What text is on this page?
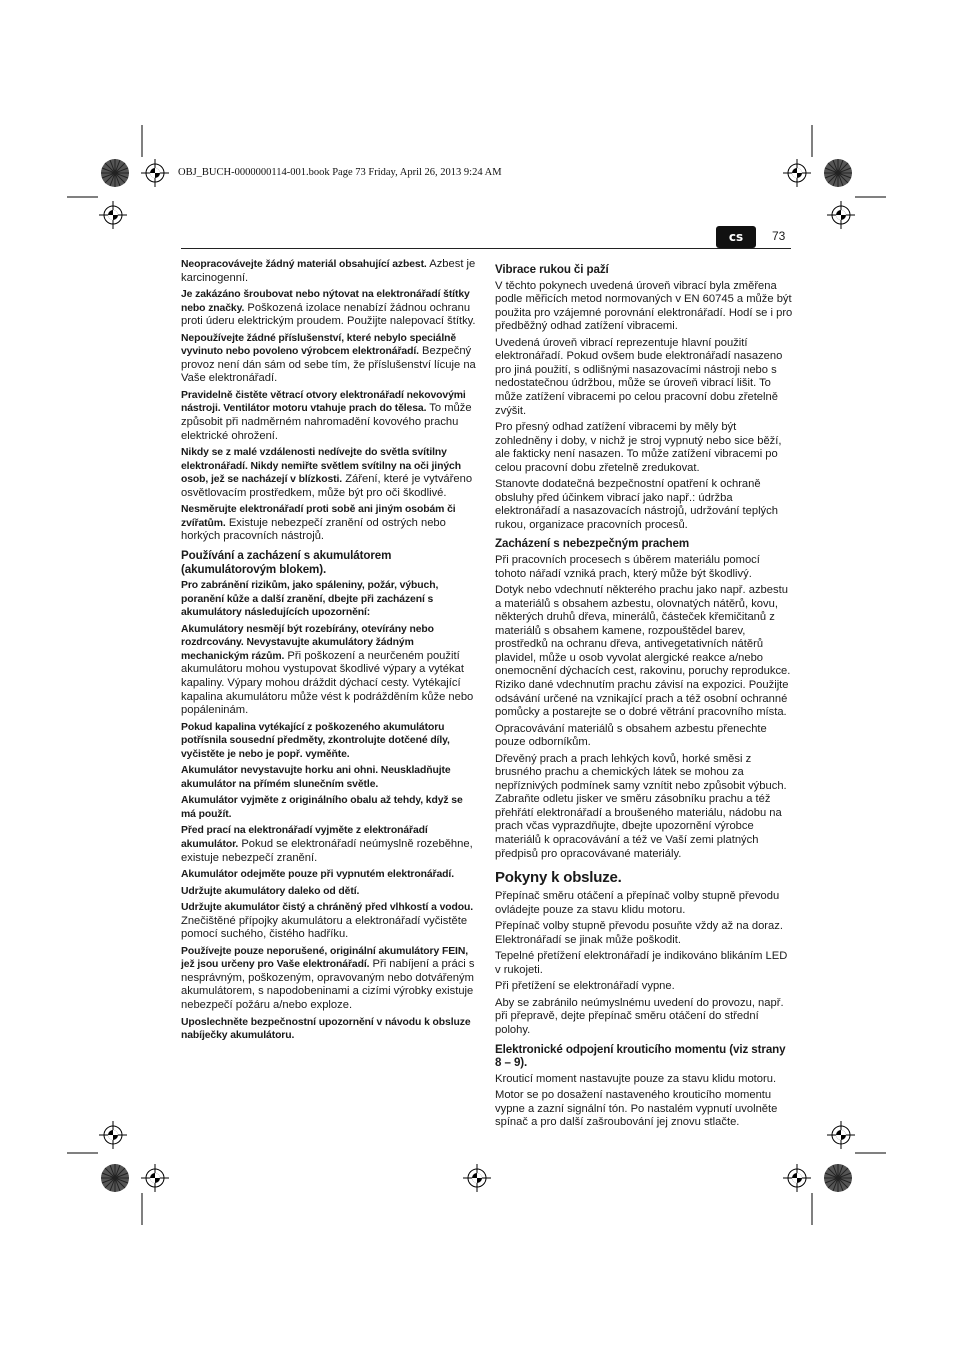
OBJ_BUCH-0000000114-001.book Page 73 Friday, April 26, 2013 9:24 AM
cs	73

Neopracovávejte žádný materiál obsahující azbest. Azbest je karcinogenní.

Je zakázáno šroubovat nebo nýtovat na elektronářadí štítky nebo značky. Poškozená izolace nenabízí žádnou ochranu proti úderu elektrickým proudem. Použijte nalepovací štítky.

Nepoužívejte žádné příslušenství, které nebylo speciálně vyvinuto nebo povoleno výrobcem elektronářadí. Bezpečný provoz není dán sám od sebe tím, že příslušenství lícuje na Vaše elektronářadí.

Pravidelně čistěte větrací otvory elektronářadí nekovovými nástroji. Ventilátor motoru vtahuje prach do tělesa. To může způsobit při nadměrném nahromadění kovového prachu elektrické ohrožení.

Nikdy se z malé vzdálenosti nedívejte do světla svítilny elektronářadí. Nikdy nemiřte světlem svítilny na oči jiných osob, jež se nacházejí v blízkosti. Záření, které je vytvářeno osvětlovacím prostředkem, může být pro oči škodlivé.

Nesměrujte elektronářadí proti sobě ani jiným osobám či zvířatům. Existuje nebezpečí zranění od ostrých nebo horkých pracovních nástrojů.

Používání a zacházení s akumulátorem (akumulátorovým blokem).

Pro zabránění rizikům, jako spáleniny, požár, výbuch, poranění kůže a další zranění, dbejte při zacházení s akumulátory následujících upozornění:

Akumulátory nesmějí být rozebírány, otevírány nebo rozdrcovány. Nevystavujte akumulátory žádným mechanickým rázům. Při poškození a neurčeném použití akumulátoru mohou vystupovat škodlivé výpary a vytékat kapaliny. Výpary mohou dráždit dýchací cesty. Vytékající kapalina akumulátoru může vést k podrážděním kůže nebo popáleninám.

Pokud kapalina vytékající z poškozeného akumulátoru potřísnila sousední předměty, zkontrolujte dotčené díly, vyčistěte je nebo je popř. vyměňte.

Akumulátor nevystavujte horku ani ohni. Neuskladňujte akumulátor na přímém slunečním světle.

Akumulátor vyjměte z originálního obalu až tehdy, když se má použít.

Před prací na elektronářadí vyjměte z elektronářadí akumulátor. Pokud se elektronářadí neúmyslně rozeběhne, existuje nebezpečí zranění.

Akumulátor odejměte pouze při vypnutém elektronářadí.

Udržujte akumulátory daleko od dětí.

Udržujte akumulátor čistý a chráněný před vlhkostí a vodou. Znečištěné přípojky akumulátoru a elektronářadí vyčistěte pomocí suchého, čistého hadříku.

Používejte pouze neporušené, originální akumulátory FEIN, jež jsou určeny pro Vaše elektronářadí. Při nabíjení a práci s nesprávným, poškozeným, opravovaným nebo dotvářeným akumulátorem, s napodobeninami a cizími výrobky existuje nebezpečí požáru a/nebo exploze.

Uposlechněte bezpečnostní upozornění v návodu k obsluze nabíječky akumulátoru.

Vibrace rukou či paží

V těchto pokynech uvedená úroveň vibrací byla změřena podle měřicích metod normovaných v EN 60745 a může být použita pro vzájemné porovnání elektronářadí. Hodí se i pro předběžný odhad zatížení vibracemi.

Uvedená úroveň vibrací reprezentuje hlavní použití elektronářadí. Pokud ovšem bude elektronářadí nasazeno pro jiná použití, s odlišnými nasazovacími nástroji nebo s nedostatečnou údržbou, může se úroveň vibrací lišit. To může zatížení vibracemi po celou pracovní dobu zřetelně zvýšit.

Pro přesný odhad zatížení vibracemi by měly být zohledněny i doby, v nichž je stroj vypnutý nebo sice běží, ale fakticky není nasazen. To může zatížení vibracemi po celou pracovní dobu zřetelně zredukovat.

Stanovte dodatečná bezpečnostní opatření k ochraně obsluhy před účinkem vibrací jako např.: údržba elektronářadí a nasazovacích nástrojů, udržování teplých rukou, organizace pracovních procesů.

Zacházení s nebezpečným prachem

Při pracovních procesech s úběrem materiálu pomocí tohoto nářadí vzniká prach, který může být škodlivý.

Dotyk nebo vdechnutí některého prachu jako např. azbestu a materiálů s obsahem azbestu, olovnatých nátěrů, kovu, některých druhů dřeva, minerálů, částeček křemičitanů z materiálů s obsahem kamene, rozpouštědel barev, prostředků na ochranu dřeva, antivegetativních nátěrů plavidel, může u osob vyvolat alergické reakce a/nebo onemocnění dýchacích cest, rakovinu, poruchy reprodukce. Riziko dané vdechnutím prachu závisí na expozici. Použijte odsávání určené na vznikající prach a též osobní ochranné pomůcky a postarejte se o dobré větrání pracovního místa.

Opracovávání materiálů s obsahem azbestu přenechte pouze odborníkům.

Dřevěný prach a prach lehkých kovů, horké směsi z brusného prachu a chemických látek se mohou za nepříznivých podmínek samy vznítit nebo způsobit výbuch. Zabraňte odletu jisker ve směru zásobníku prachu a též přehřátí elektronářadí a broušeného materiálu, nádobu na prach včas vyprazdňujte, dbejte upozornění výrobce materiálů k opracovávání a též ve Vaší zemi platných předpisů pro opracovávané materiály.

Pokyny k obsluze.

Přepínač směru otáčení a přepínač volby stupně převodu ovládejte pouze za stavu klidu motoru.

Přepínač volby stupně převodu posuňte vždy až na doraz. Elektronářadí se jinak může poškodit.

Tepelné přetížení elektronářadí je indikováno blikáním LED v rukojeti.

Při přetížení se elektronářadí vypne.

Aby se zabránilo neúmyslnému uvedení do provozu, např. při přepravě, dejte přepínač směru otáčení do střední polohy.

Elektronické odpojení krouticího momentu (viz strany 8 – 9).

Krouticí moment nastavujte pouze za stavu klidu motoru.

Motor se po dosažení nastaveného krouticího momentu vypne a zazní signální tón. Po nastalém vypnutí uvolněte spínač a pro další zašroubování jej znovu stlačte.
